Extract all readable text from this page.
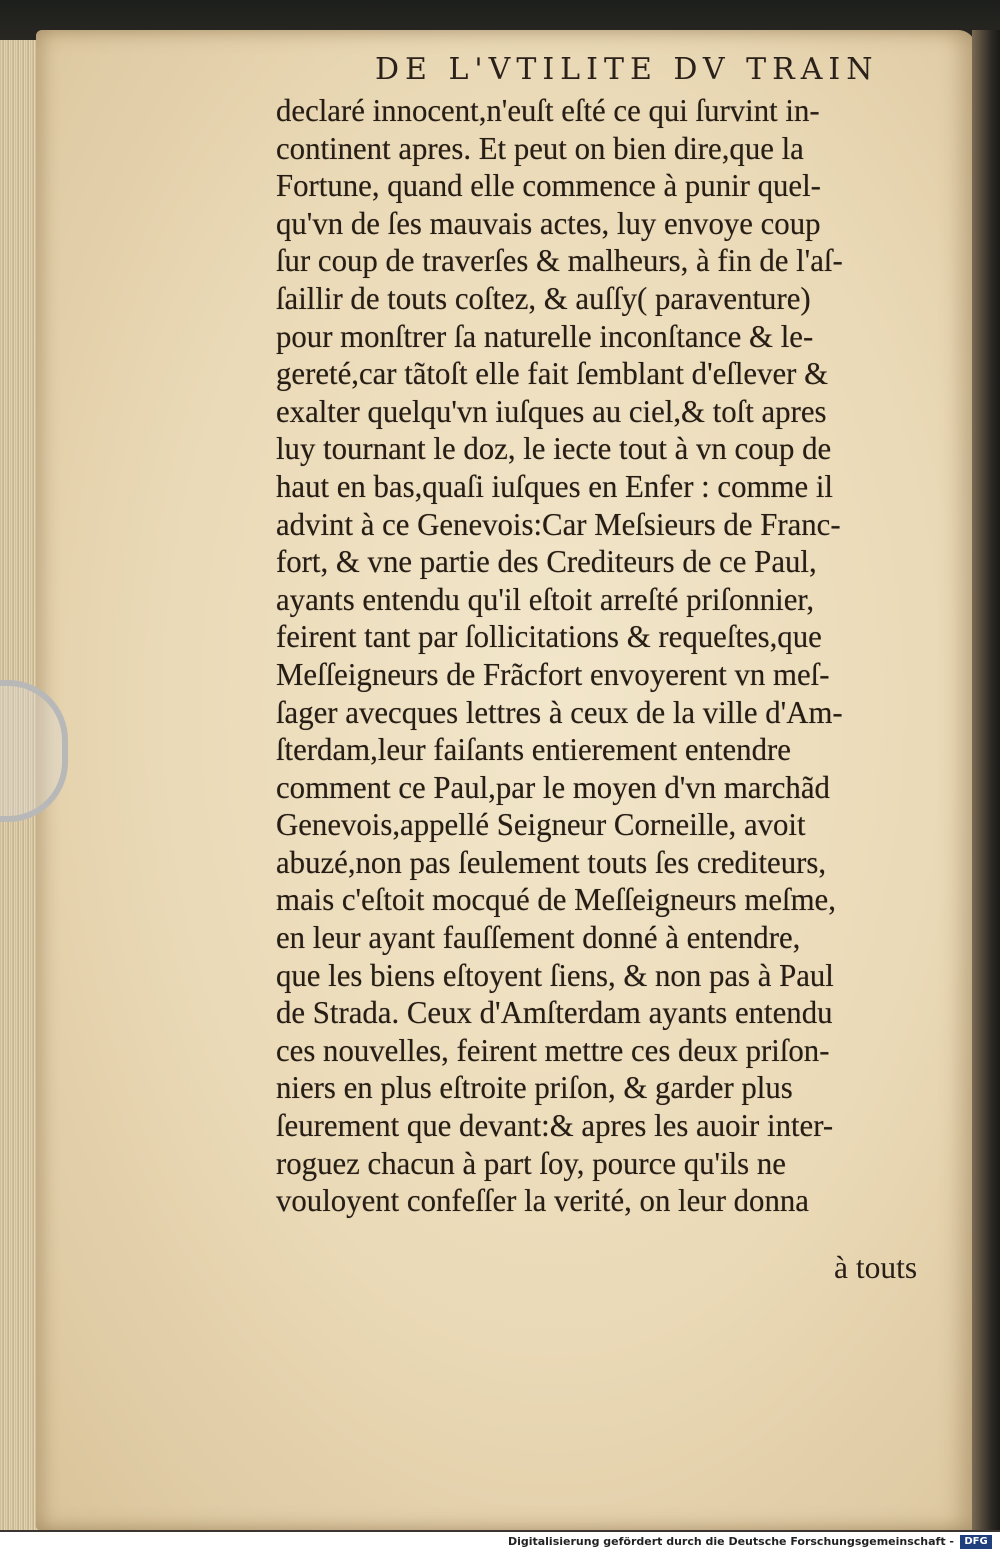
DE L'VTILITE DV TRAIN
declaré innocent,n'euſt eſté ce qui ſurvint in-
continent apres. Et peut on bien dire,que la
Fortune, quand elle commence à punir quel-
qu'vn de ſes mauvais actes, luy envoye coup
ſur coup de traverſes & malheurs, à fin de l'aſ-
ſaillir de touts coſtez, & auſſy( paraventure)
pour monſtrer ſa naturelle inconſtance & le-
gereté,car tãtoſt elle fait ſemblant d'eſlever &
exalter quelqu'vn iuſques au ciel,& toſt apres
luy tournant le doz, le iecte tout à vn coup de
haut en bas,quaſi iuſques en Enfer : comme il
advint à ce Genevois:Car Meſsieurs de Franc-
fort, & vne partie des Crediteurs de ce Paul,
ayants entendu qu'il eſtoit arreſté priſonnier,
feirent tant par ſollicitations & requeſtes,que
Meſſeigneurs de Frãcfort envoyerent vn meſ-
ſager avecques lettres à ceux de la ville d'Am-
ſterdam,leur faiſants entierement entendre
comment ce Paul,par le moyen d'vn marchãd
Genevois,appellé Seigneur Corneille, avoit
abuzé,non pas ſeulement touts ſes crediteurs,
mais c'eſtoit mocqué de Meſſeigneurs meſme,
en leur ayant fauſſement donné à entendre,
que les biens eſtoyent ſiens, & non pas à Paul
de Strada. Ceux d'Amſterdam ayants entendu
ces nouvelles, feirent mettre ces deux priſon-
niers en plus eſtroite priſon, & garder plus
ſeurement que devant:& apres les auoir inter-
roguez chacun à part ſoy, pource qu'ils ne
vouloyent confeſſer la verité, on leur donna
à touts
Digitalisierung gefördert durch die Deutsche Forschungsgemeinschaft -	DFG
